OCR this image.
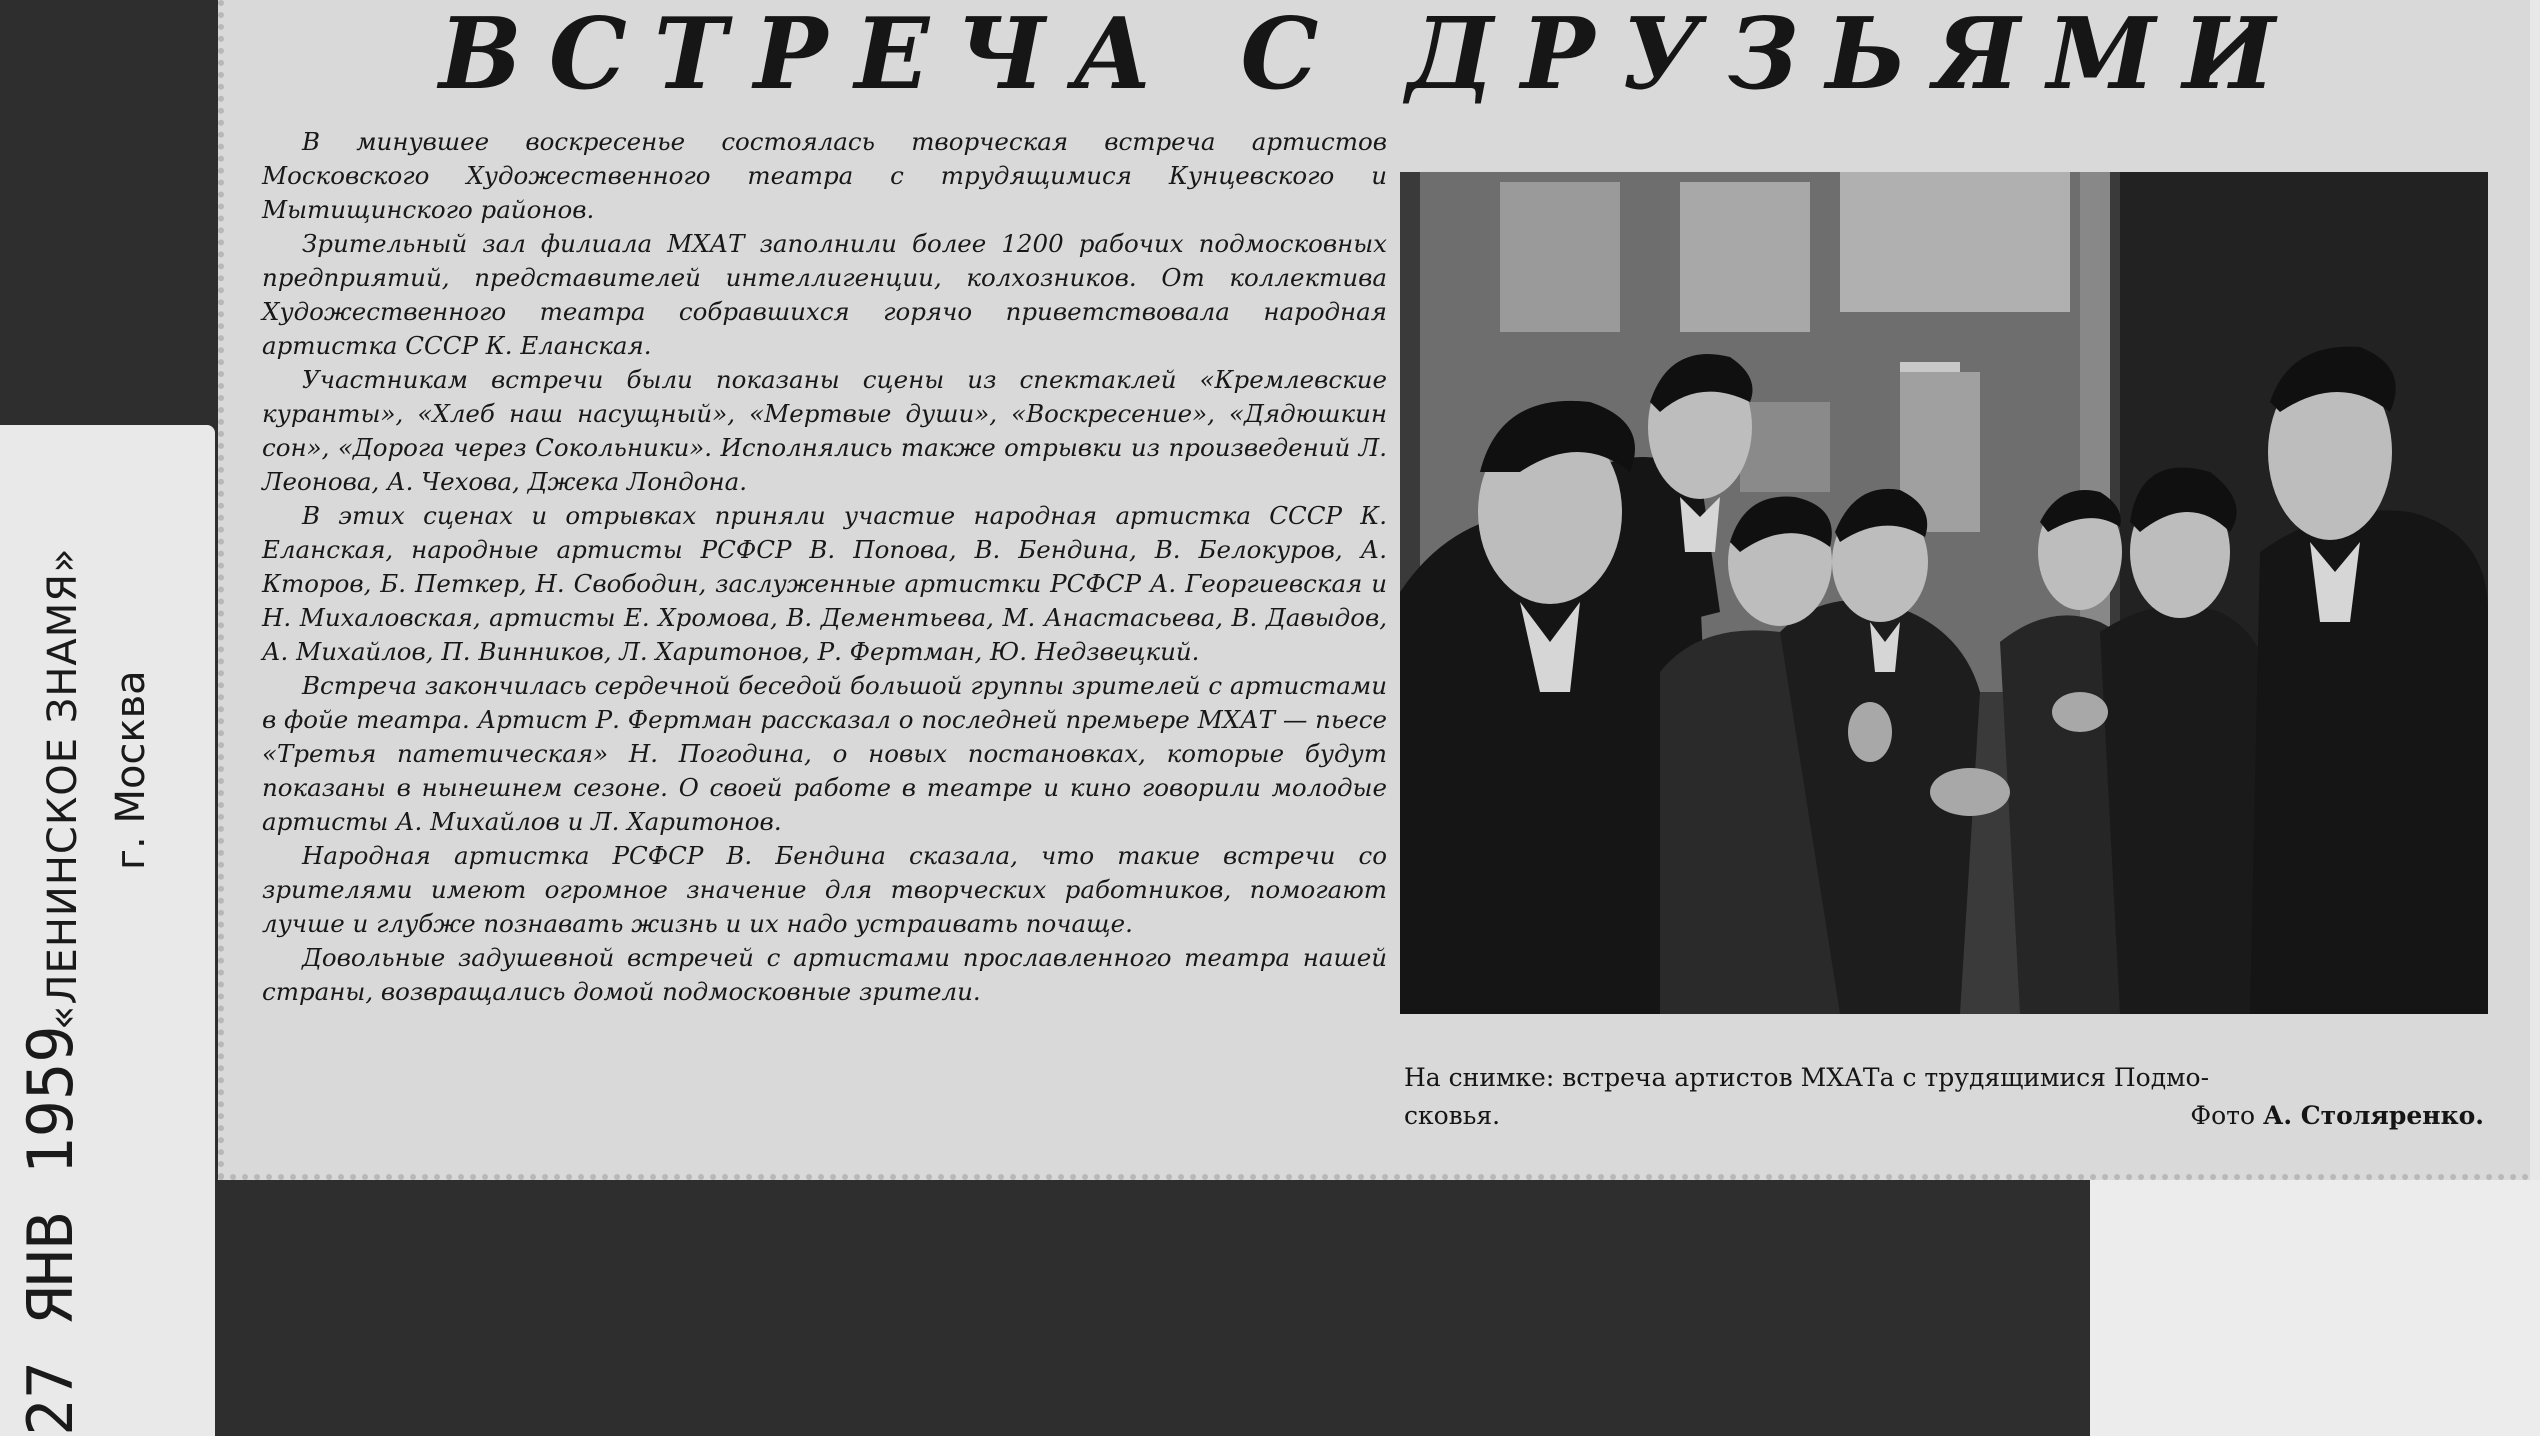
«ЛЕНИНСКОЕ ЗНАМЯ» г. Москва
27 ЯНВ 1959
ВСТРЕЧА С ДРУЗЬЯМИ

В минувшее воскресенье состоялась творческая встреча артистов Московского Художественного театра с трудящимися Кунцевского и Мытищинского районов.

Зрительный зал филиала МХАТ заполнили более 1200 рабочих подмосковных предприятий, представителей интеллигенции, колхозников. От коллектива Художественного театра собравшихся горячо приветствовала народная артистка СССР К. Еланская.

Участникам встречи были показаны сцены из спектаклей «Кремлевские куранты», «Хлеб наш насущный», «Мертвые души», «Воскресение», «Дядюшкин сон», «Дорога через Сокольники». Исполнялись также отрывки из произведений Л. Леонова, А. Чехова, Джека Лондона.

В этих сценах и отрывках приняли участие народная артистка СССР К. Еланская, народные артисты РСФСР В. Попова, В. Бендина, В. Белокуров, А. Кторов, Б. Петкер, Н. Свободин, заслуженные артистки РСФСР А. Георгиевская и Н. Михаловская, артисты Е. Хромова, В. Дементьева, М. Анастасьева, В. Давыдов, А. Михайлов, П. Винников, Л. Харитонов, Р. Фертман, Ю. Недзвецкий.

Встреча закончилась сердечной беседой большой группы зрителей с артистами в фойе театра. Артист Р. Фертман рассказал о последней премьере МХАТ — пьесе «Третья патетическая» Н. Погодина, о новых постановках, которые будут показаны в нынешнем сезоне. О своей работе в театре и кино говорили молодые артисты А. Михайлов и Л. Харитонов.

Народная артистка РСФСР В. Бендина сказала, что такие встречи со зрителями имеют огромное значение для творческих работников, помогают лучше и глубже познавать жизнь и их надо устраивать почаще.

Довольные задушевной встречей с артистами прославленного театра нашей страны, возвращались домой подмосковные зрители.

На снимке: встреча артистов МХАТа с трудящимися Подмо-
сковья.	Фото А. Столяренко.
